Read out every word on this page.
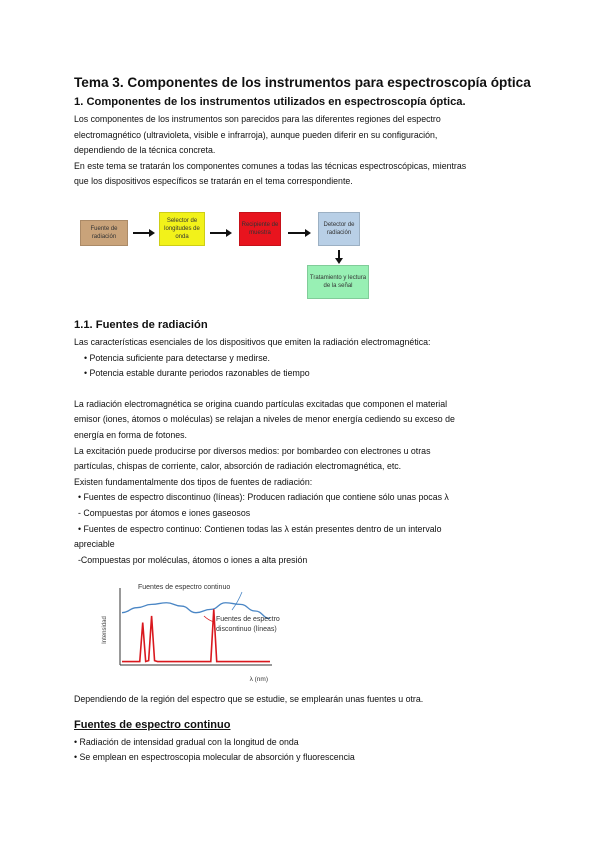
Tema 3. Componentes de los instrumentos para espectroscopía óptica
1. Componentes de los instrumentos utilizados en espectroscopía óptica.

Los componentes de los instrumentos son parecidos para las diferentes regiones del espectro

electromagnético (ultravioleta, visible e infrarroja), aunque pueden diferir en su configuración,

dependiendo de la técnica concreta.

En este tema se tratarán los componentes comunes a todas las técnicas espectroscópicas, mientras

que los dispositivos específicos se tratarán en el tema correspondiente.

1.1. Fuentes de radiación

Las características esenciales de los dispositivos que emiten la radiación electromagnética:

• Potencia suficiente para detectarse y medirse.
• Potencia estable durante periodos razonables de tiempo

La radiación electromagnética se origina cuando partículas excitadas que componen el material

emisor (iones, átomos o moléculas) se relajan a niveles de menor energía cediendo su exceso de

energía en forma de fotones.

La excitación puede producirse por diversos medios: por bombardeo con electrones u otras

partículas, chispas de corriente, calor, absorción de radiación electromagnética, etc.

Existen fundamentalmente dos tipos de fuentes de radiación:

• Fuentes de espectro discontinuo (líneas): Producen radiación que contiene sólo unas pocas λ
- Compuestas por átomos e iones gaseosos
• Fuentes de espectro continuo: Contienen todas las λ están presentes dentro de un intervalo
apreciable
-Compuestas por moléculas, átomos o iones a alta presión

Dependiendo de la región del espectro que se estudie, se emplearán unas fuentes u otra.

Fuentes de espectro continuo

• Radiación de intensidad gradual con la longitud de onda

• Se emplean en espectroscopia molecular de absorción y fluorescencia

Fuente de radiación
Selector de longitudes de onda
Recipiente de muestra
Detector de radiación
Tratamiento y lectura de la señal
Intensidad
λ (nm)
Fuentes de espectro continuo
Fuentes de espectro
discontinuo (líneas)
